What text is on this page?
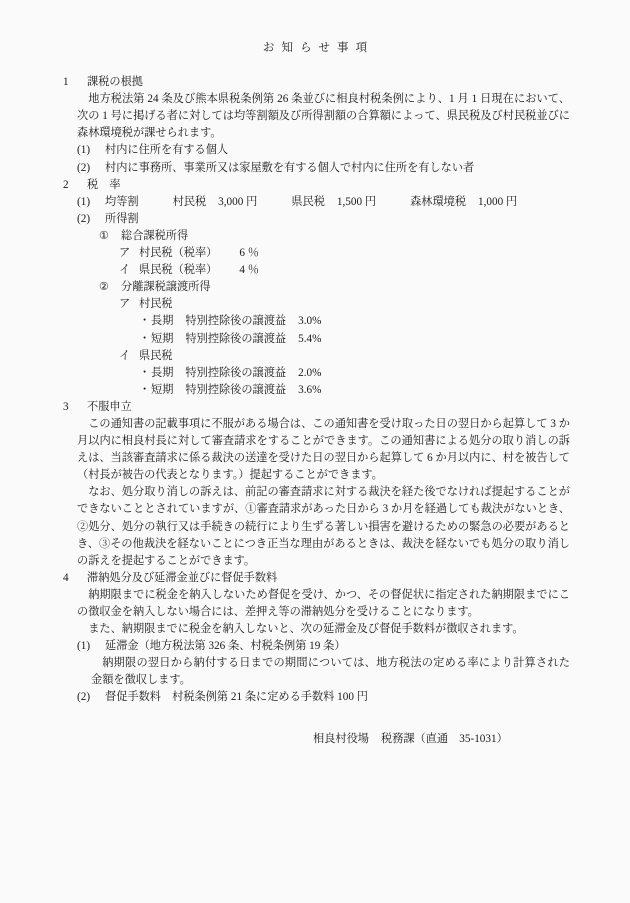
お知らせ事項
1 課税の根拠

地方税法第 24 条及び熊本県税条例第 26 条並びに相良村税条例により、1 月 1 日現在において、次の 1 号に掲げる者に対しては均等割額及び所得割額の合算額によって、県民税及び村民税並びに森林環境税が課せられます。

(1) 村内に住所を有する個人
(2) 村内に事務所、事業所又は家屋敷を有する個人で村内に住所を有しない者
2 税　率
(1) 均等割	村民税 3,000 円	県民税 1,500 円	森林環境税 1,000 円
(2) 所得割
① 総合課税所得
ア 村民税（税率） 6 ％
イ 県民税（税率） 4 ％
② 分離課税譲渡所得
ア 村民税
・長期 特別控除後の譲渡益 3.0%
・短期 特別控除後の譲渡益 5.4%
イ 県民税
・長期 特別控除後の譲渡益 2.0%
・短期 特別控除後の譲渡益 3.6%
3 不服申立

この通知書の記載事項に不服がある場合は、この通知書を受け取った日の翌日から起算して 3 か月以内に相良村長に対して審査請求をすることができます。この通知書による処分の取り消しの訴えは、当該審査請求に係る裁決の送達を受けた日の翌日から起算して 6 か月以内に、村を被告して（村長が被告の代表となります。）提起することができます。

なお、処分取り消しの訴えは、前記の審査請求に対する裁決を経た後でなければ提起することができないこととされていますが、①審査請求があった日から 3 か月を経過しても裁決がないとき、②処分、処分の執行又は手続きの続行により生ずる著しい損害を避けるための緊急の必要があるとき、③その他裁決を経ないことにつき正当な理由があるときは、裁決を経ないでも処分の取り消しの訴えを提起することができます。

4 滞納処分及び延滞金並びに督促手数料

納期限までに税金を納入しないため督促を受け、かつ、その督促状に指定された納期限までにこの徴収金を納入しない場合には、差押え等の滞納処分を受けることになります。

また、納期限までに税金を納入しないと、次の延滞金及び督促手数料が徴収されます。

(1) 延滞金（地方税法第 326 条、村税条例第 19 条）

納期限の翌日から納付する日までの期間については、地方税法の定める率により計算された金額を徴収します。

(2) 督促手数料　村税条例第 21 条に定める手数料 100 円
相良村役場 税務課（直通　35-1031）
